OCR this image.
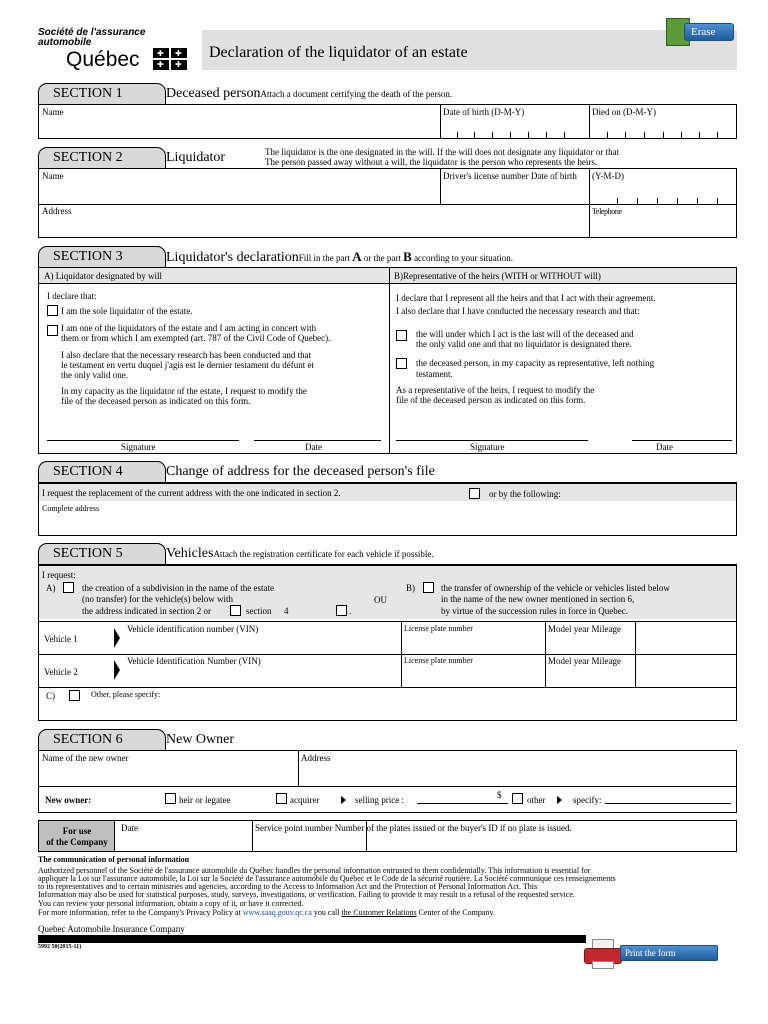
Société de l'assurance
automobile
Québec ✚ ✚
✚ ✚
Declaration of the liquidator of an estate
Erase
SECTION 1	Deceased personAttach a document certifying the death of the person.
Name	Date of birth (D-M-Y)	Died on (D-M-Y)
SECTION 2	Liquidator	The liquidator is the one designated in the will. If the will does not designate any liquidator or that
The person passed away without a will, the liquidator is the person who represents the heirs.
Name	Driver's license number Date of birth (Y-M-D)
Address	Telephone
SECTION 3	Liquidator's declarationFill in the part A or the part B according to your situation.
A) Liquidator designated by will
I declare that:
I am the sole liquidator of the estate.
I am one of the liquidators of the estate and I am acting in concert with
them or from which I am exempted (art. 787 of the Civil Code of Quebec).
I also declare that the necessary research has been conducted and that
le testament en vertu duquel j'agis est le dernier testament du défunt et
the only valid one.
In my capacity as the liquidator of the estate, I request to modify the
file of the deceased person as indicated on this form.
Signature	Date
B)Representative of the heirs (WITH or WITHOUT will)
I declare that I represent all the heirs and that I act with their agreement.
I also declare that I have conducted the necessary research and that:
the will under which I act is the last will of the deceased and
the only valid one and that no liquidator is designated there.
the deceased person, in my capacity as representative, left nothing
testament.
As a representative of the heirs, I request to modify the
file of the deceased person as indicated on this form.
Signature	Date
SECTION 4	Change of address for the deceased person's file
I request the replacement of the current address with the one indicated in section 2.	or by the following:
Complete address
SECTION 5	VehiclesAttach the registration certificate for each vehicle if possible.
I request:
A)	the creation of a subdivision in the name of the estate
(no transfer) for the vehicle(s) below with
the address indicated in section 2 or	section 4	.
OU
B)	the transfer of ownership of the vehicle or vehicles listed below
in the name of the new owner mentioned in section 6,
by virtue of the succession rules in force in Quebec.
Vehicle 1
Vehicle identification number (VIN)	License plate number	Model year Mileage
Vehicle 2
Vehicle Identification Number (VIN)	License plate number	Model year Mileage
C)	Other, please specify:
SECTION 6	New Owner
Name of the new owner	Address
New owner:	heir or legatee	acquirer	selling price :	$	other	specify:
For use
of the Company
Date	Service point number Number of the plates issued or the buyer's ID if no plate is issued.
The communication of personal information
Authorized personnel of the Société de l'assurance automobile du Québec handles the personal information entrusted to them confidentially. This information is essential for
appliquer la Loi sur l'assurance automobile, la Loi sur la Société de l'assurance automobile du Québec et le Code de la sécurité routière. La Société communique ces renseignements
to its representatives and to certain ministries and agencies, according to the Access to Information Act and the Protection of Personal Information Act. This
Information may also be used for statistical purposes, study, surveys, investigations, or verification. Failing to provide it may result in a refusal of the requested service.
You can review your personal information, obtain a copy of it, or have it corrected.
For more information, refer to the Company's Privacy Policy at www.saaq.gouv.qc.ca you call the Customer Relations Center of the Company.
Quebec Automobile Insurance Company
5992 50(2015-11)
Print the form
